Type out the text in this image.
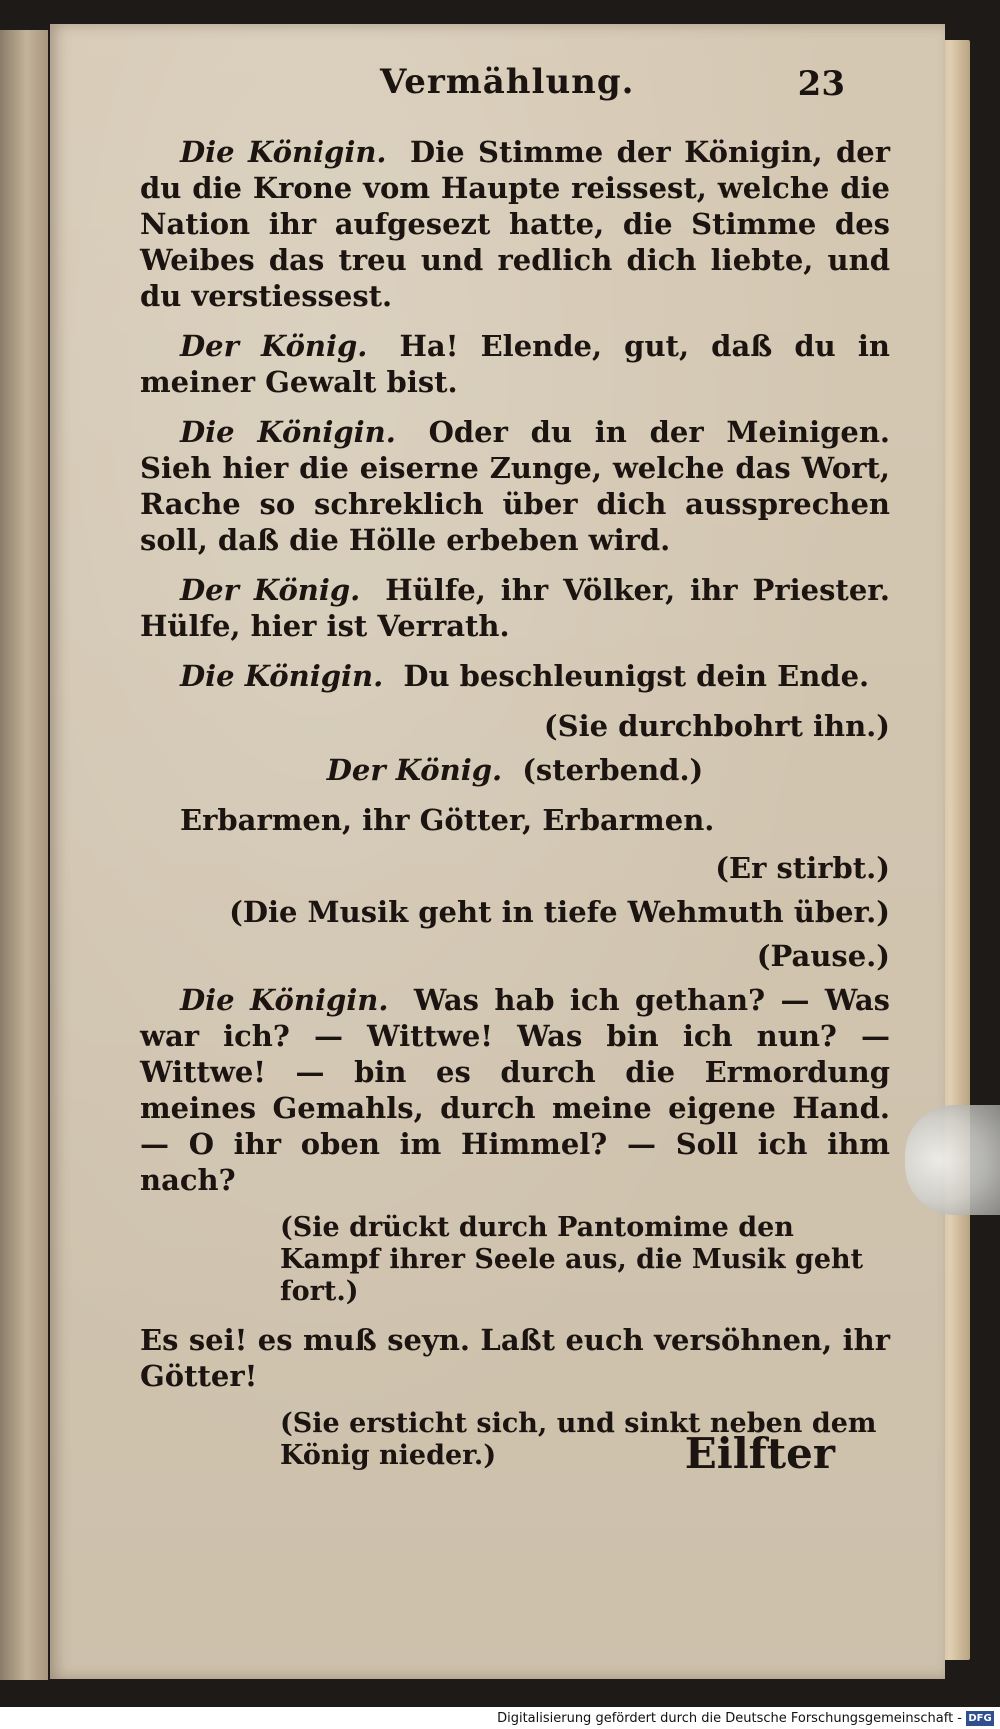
Vermählung.	23

Die Königin. Die Stimme der Königin, der du die Krone vom Haupte reissest, welche die Nation ihr aufgesezt hatte, die Stimme des Weibes das treu und redlich dich liebte, und du verstiessest.

Der König. Ha! Elende, gut, daß du in meiner Gewalt bist.

Die Königin. Oder du in der Meinigen. Sieh hier die eiserne Zunge, welche das Wort, Rache so schreklich über dich aussprechen soll, daß die Hölle erbeben wird.

Der König. Hülfe, ihr Völker, ihr Priester. Hülfe, hier ist Verrath.

Die Königin. Du beschleunigst dein Ende.

(Sie durchbohrt ihn.)

Der König. (sterbend.)

Erbarmen, ihr Götter, Erbarmen.

(Er stirbt.)

(Die Musik geht in tiefe Wehmuth über.)

(Pause.)

Die Königin. Was hab ich gethan? — Was war ich? — Wittwe! Was bin ich nun? — Wittwe! — bin es durch die Ermordung meines Gemahls, durch meine eigene Hand. — O ihr oben im Himmel? — Soll ich ihm nach?

(Sie drückt durch Pantomime den Kampf ihrer Seele aus, die Musik geht fort.)

Es sei! es muß seyn. Laßt euch versöhnen, ihr Götter!

(Sie ersticht sich, und sinkt neben dem König nieder.)	Eilfter
Digitalisierung gefördert durch die Deutsche Forschungsgemeinschaft - DFG
